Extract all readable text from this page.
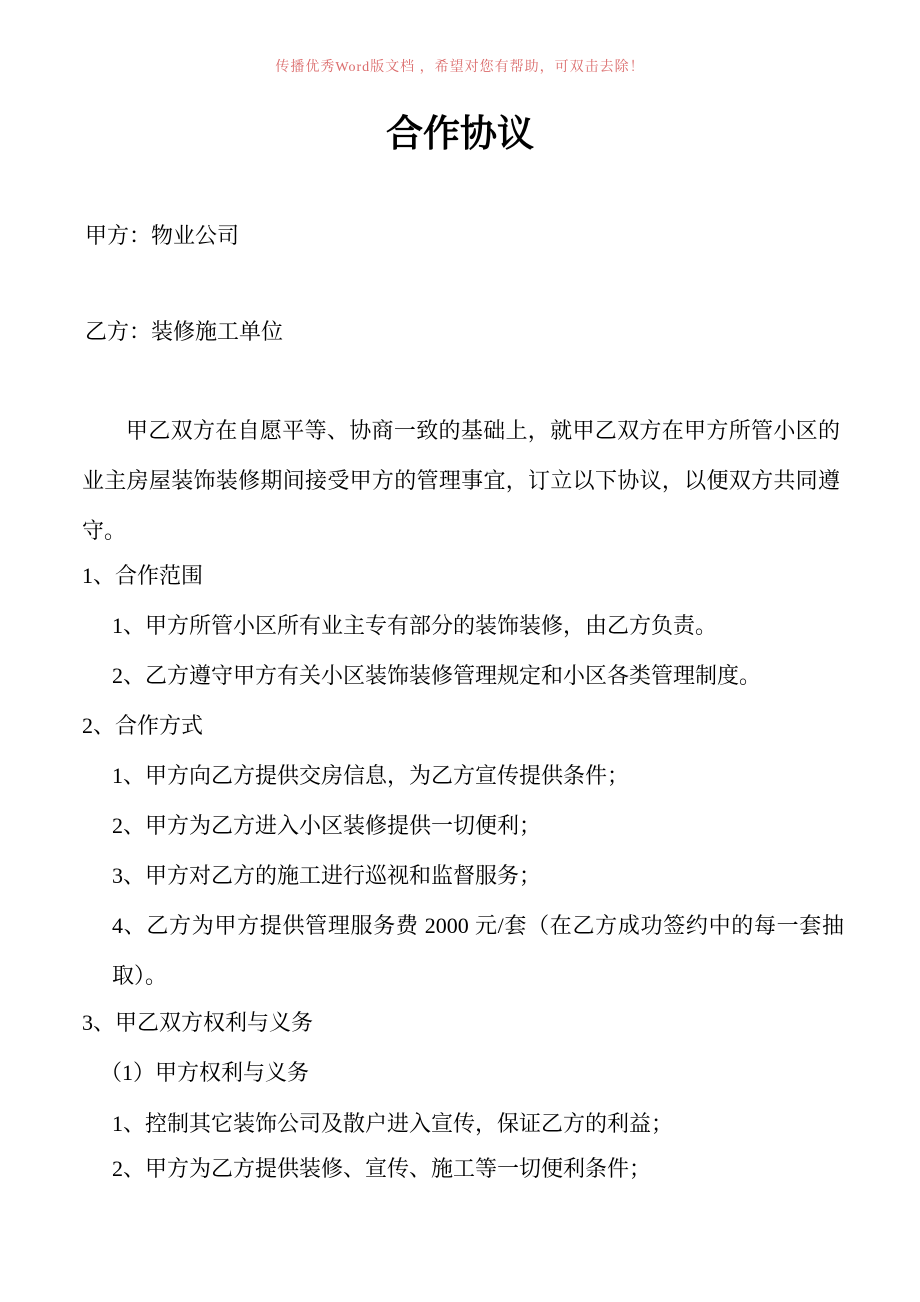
传播优秀Word版文档 ，希望对您有帮助，可双击去除！
合作协议
甲方：物业公司
乙方：装修施工单位
甲乙双方在自愿平等、协商一致的基础上，就甲乙双方在甲方所管小区的业主房屋装饰装修期间接受甲方的管理事宜，订立以下协议，以便双方共同遵守。
1、合作范围
1、甲方所管小区所有业主专有部分的装饰装修，由乙方负责。
2、乙方遵守甲方有关小区装饰装修管理规定和小区各类管理制度。
2、合作方式
1、甲方向乙方提供交房信息，为乙方宣传提供条件；
2、甲方为乙方进入小区装修提供一切便利；
3、甲方对乙方的施工进行巡视和监督服务；
4、乙方为甲方提供管理服务费 2000 元/套（在乙方成功签约中的每一套抽取）。
3、甲乙双方权利与义务
（1）甲方权利与义务
1、控制其它装饰公司及散户进入宣传，保证乙方的利益；
2、甲方为乙方提供装修、宣传、施工等一切便利条件；
